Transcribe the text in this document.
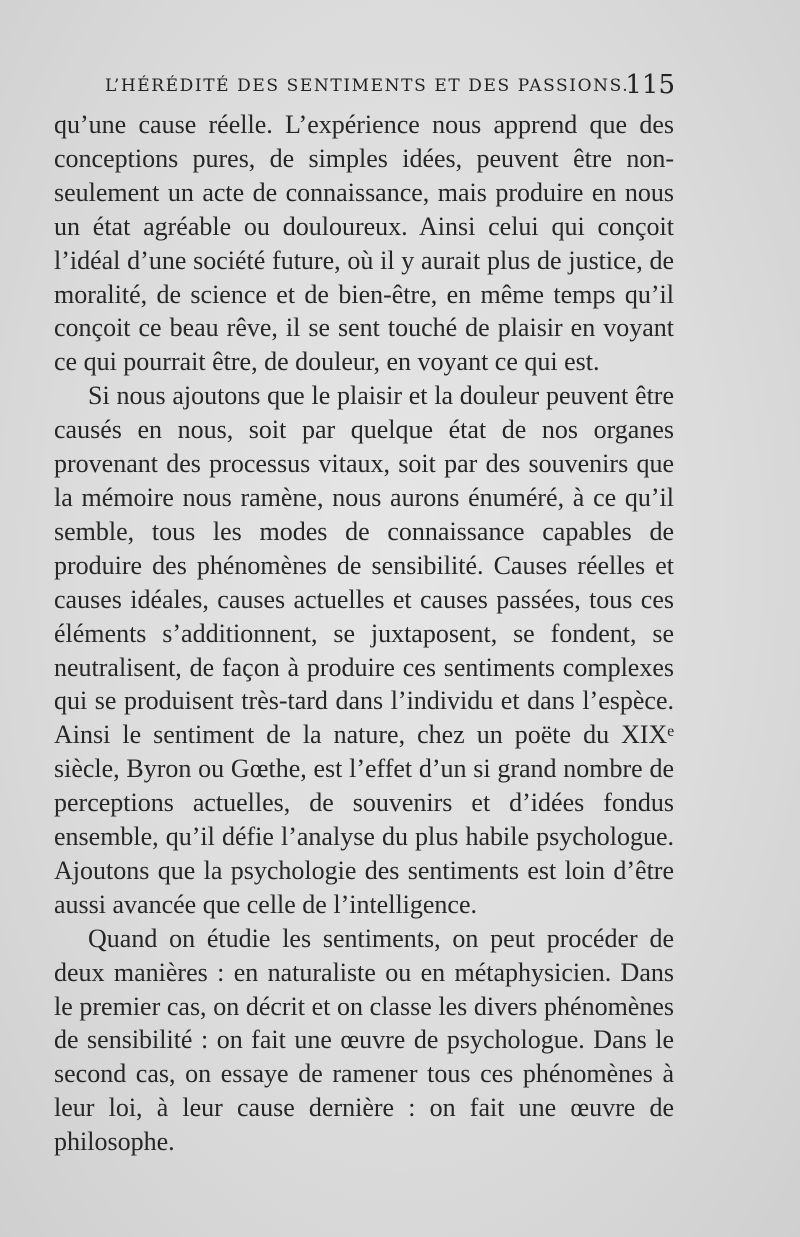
L’HÉRÉDITÉ DES SENTIMENTS ET DES PASSIONS.
115

qu’une cause réelle. L’expérience nous apprend que des conceptions pures, de simples idées, peuvent être non-seulement un acte de connaissance, mais produire en nous un état agréable ou douloureux. Ainsi celui qui conçoit l’idéal d’une société future, où il y aurait plus de justice, de moralité, de science et de bien-être, en même temps qu’il conçoit ce beau rêve, il se sent touché de plaisir en voyant ce qui pourrait être, de douleur, en voyant ce qui est.

Si nous ajoutons que le plaisir et la douleur peuvent être causés en nous, soit par quelque état de nos organes provenant des processus vitaux, soit par des souvenirs que la mémoire nous ramène, nous aurons énuméré, à ce qu’il semble, tous les modes de connaissance capables de produire des phénomènes de sensibilité. Causes réelles et causes idéales, causes actuelles et causes passées, tous ces éléments s’additionnent, se juxtaposent, se fondent, se neutralisent, de façon à produire ces sentiments complexes qui se produisent très-tard dans l’individu et dans l’espèce. Ainsi le sentiment de la nature, chez un poëte du XIXᵉ siècle, Byron ou Gœthe, est l’effet d’un si grand nombre de perceptions actuelles, de souvenirs et d’idées fondus ensemble, qu’il défie l’analyse du plus habile psychologue. Ajoutons que la psychologie des sentiments est loin d’être aussi avancée que celle de l’intelligence.

Quand on étudie les sentiments, on peut procéder de deux manières : en naturaliste ou en métaphysicien. Dans le premier cas, on décrit et on classe les divers phénomènes de sensibilité : on fait une œuvre de psychologue. Dans le second cas, on essaye de ramener tous ces phénomènes à leur loi, à leur cause dernière : on fait une œuvre de philosophe.
